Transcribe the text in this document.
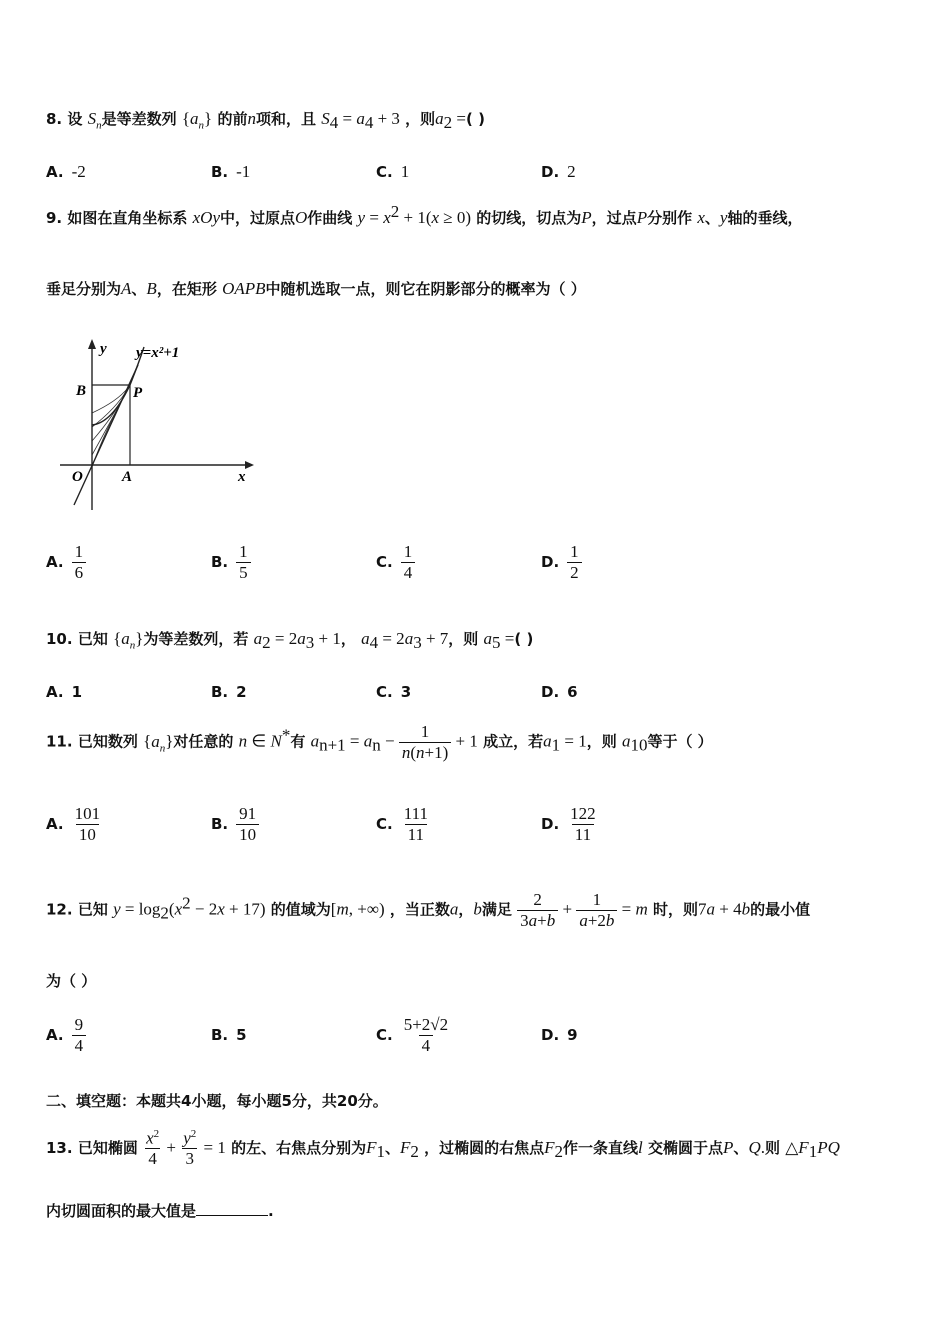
8. 设 $S_n$是等差数列 $\{a_n\}$ 的前n项和，且 $S_4 = a_4 + 3$ ，则$a_2$ =( )
A. -2	B. -1	C. 1	D. 2
9. 如图在直角坐标系 xOy中，过原点O作曲线 $y = x^2 + 1(x \ge 0)$ 的切线，切点为P，过点P分别作 x、y轴的垂线，
垂足分别为A、B，在矩形 OAPB中随机选取一点，则它在阴影部分的概率为（ ）
y y=x²+1
B	P
O	A	x
A. $\frac{1}{6}$	B. $\frac{1}{5}$	C. $\frac{1}{4}$	D. $\frac{1}{2}$
10. 已知 $\{a_n\}$为等差数列，若 $a_2 = 2a_3 + 1$， $a_4 = 2a_3 + 7$，则 $a_5$ =( )
A. 1	B. 2	C. 3	D. 6
11. 已知数列 $\{a_n\}$对任意的 n ∈ N*有 $a_{n+1} = a_n - \frac{1}{n(n+1)} + 1$ 成立，若$a_1 = 1$，则 $a_{10}$等于（ ）
A. $\frac{101}{10}$	B. $\frac{91}{10}$	C. $\frac{111}{11}$	D. $\frac{122}{11}$
12. 已知 $y = \log_2(x^2 - 2x + 17)$ 的值域为[m, +∞) ，当正数a，b满足 $\frac{2}{3a+b} + \frac{1}{a+2b} = m$ 时，则7a + 4b的最小值
为（ ）
A. $\frac{9}{4}$	B. 5	C. $\frac{5+2√2}{4}$	D. 9
二、填空题：本题共4小题，每小题5分，共20分。
13. 已知椭圆 $\frac{x^2}{4} + \frac{y^2}{3} = 1$ 的左、右焦点分别为$F_1$、$F_2$ ，过椭圆的右焦点$F_2$作一条直线l 交椭圆于点P、Q.则 $\triangle F_1PQ$
内切圆面积的最大值是	.
